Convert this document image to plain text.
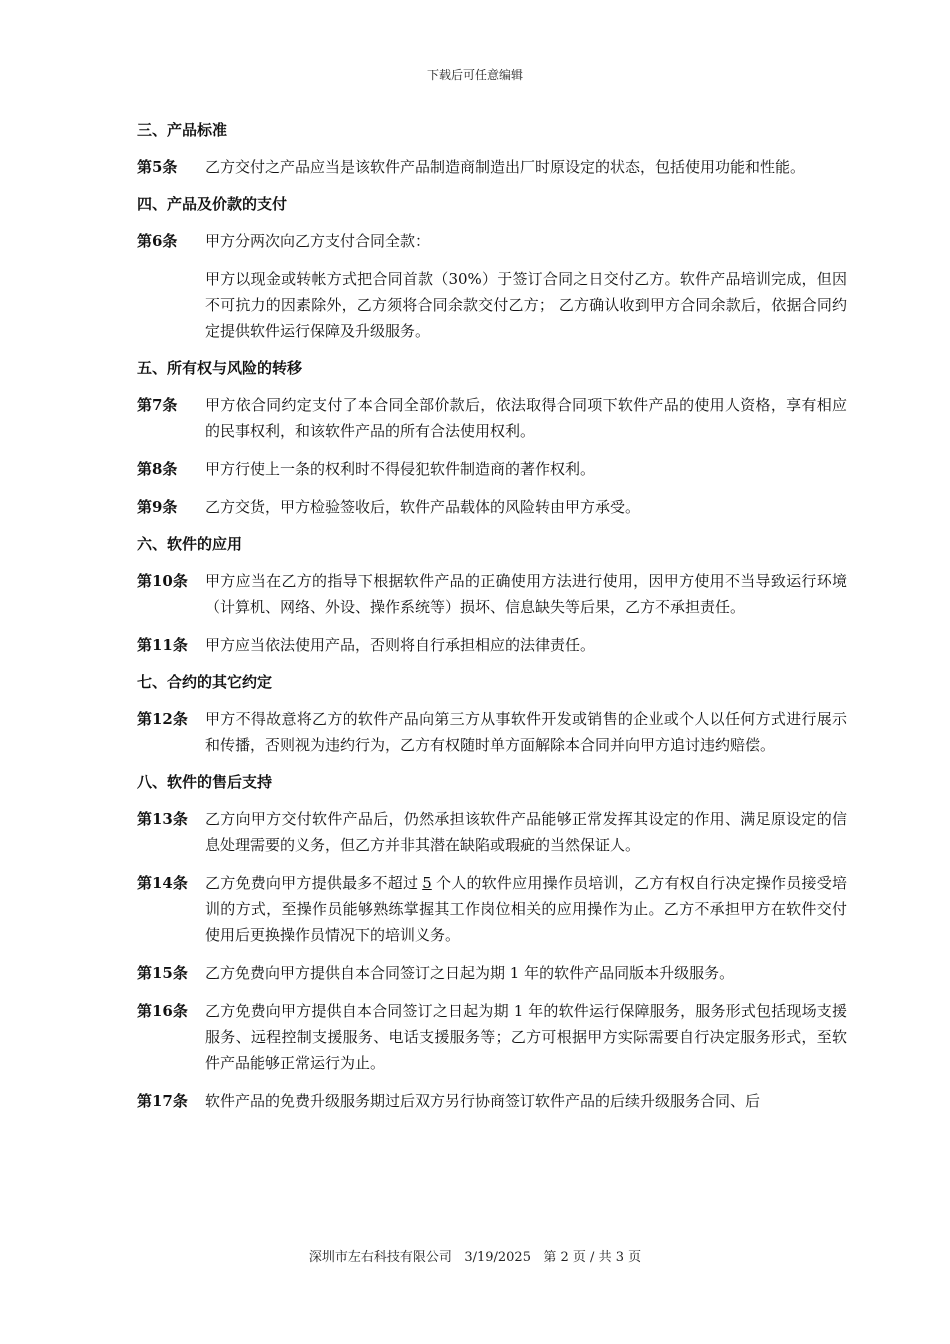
下载后可任意编辑
三、产品标准
第5条	乙方交付之产品应当是该软件产品制造商制造出厂时原设定的状态，包括使用功能和性能。
四、产品及价款的支付
第6条	甲方分两次向乙方支付合同全款：
甲方以现金或转帐方式把合同首款（30%）于签订合同之日交付乙方。软件产品培训完成，但因不可抗力的因素除外，乙方须将合同余款交付乙方； 乙方确认收到甲方合同余款后，依据合同约定提供软件运行保障及升级服务。
五、所有权与风险的转移
第7条	甲方依合同约定支付了本合同全部价款后，依法取得合同项下软件产品的使用人资格，享有相应的民事权利，和该软件产品的所有合法使用权利。
第8条	甲方行使上一条的权利时不得侵犯软件制造商的著作权利。
第9条	乙方交货，甲方检验签收后，软件产品载体的风险转由甲方承受。
六、软件的应用
第10条	甲方应当在乙方的指导下根据软件产品的正确使用方法进行使用，因甲方使用不当导致运行环境（计算机、网络、外设、操作系统等）损坏、信息缺失等后果，乙方不承担责任。
第11条	甲方应当依法使用产品，否则将自行承担相应的法律责任。
七、合约的其它约定
第12条	甲方不得故意将乙方的软件产品向第三方从事软件开发或销售的企业或个人以任何方式进行展示和传播，否则视为违约行为，乙方有权随时单方面解除本合同并向甲方追讨违约赔偿。
八、软件的售后支持
第13条	乙方向甲方交付软件产品后，仍然承担该软件产品能够正常发挥其设定的作用、满足原设定的信息处理需要的义务，但乙方并非其潜在缺陷或瑕疵的当然保证人。
第14条	乙方免费向甲方提供最多不超过 5 个人的软件应用操作员培训，乙方有权自行决定操作员接受培训的方式，至操作员能够熟练掌握其工作岗位相关的应用操作为止。乙方不承担甲方在软件交付使用后更换操作员情况下的培训义务。
第15条	乙方免费向甲方提供自本合同签订之日起为期 1 年的软件产品同版本升级服务。
第16条	乙方免费向甲方提供自本合同签订之日起为期 1 年的软件运行保障服务，服务形式包括现场支援服务、远程控制支援服务、电话支援服务等；乙方可根据甲方实际需要自行决定服务形式，至软件产品能够正常运行为止。
第17条	软件产品的免费升级服务期过后双方另行协商签订软件产品的后续升级服务合同、后
深圳市左右科技有限公司 3/19/2025 第 2 页 / 共 3 页
